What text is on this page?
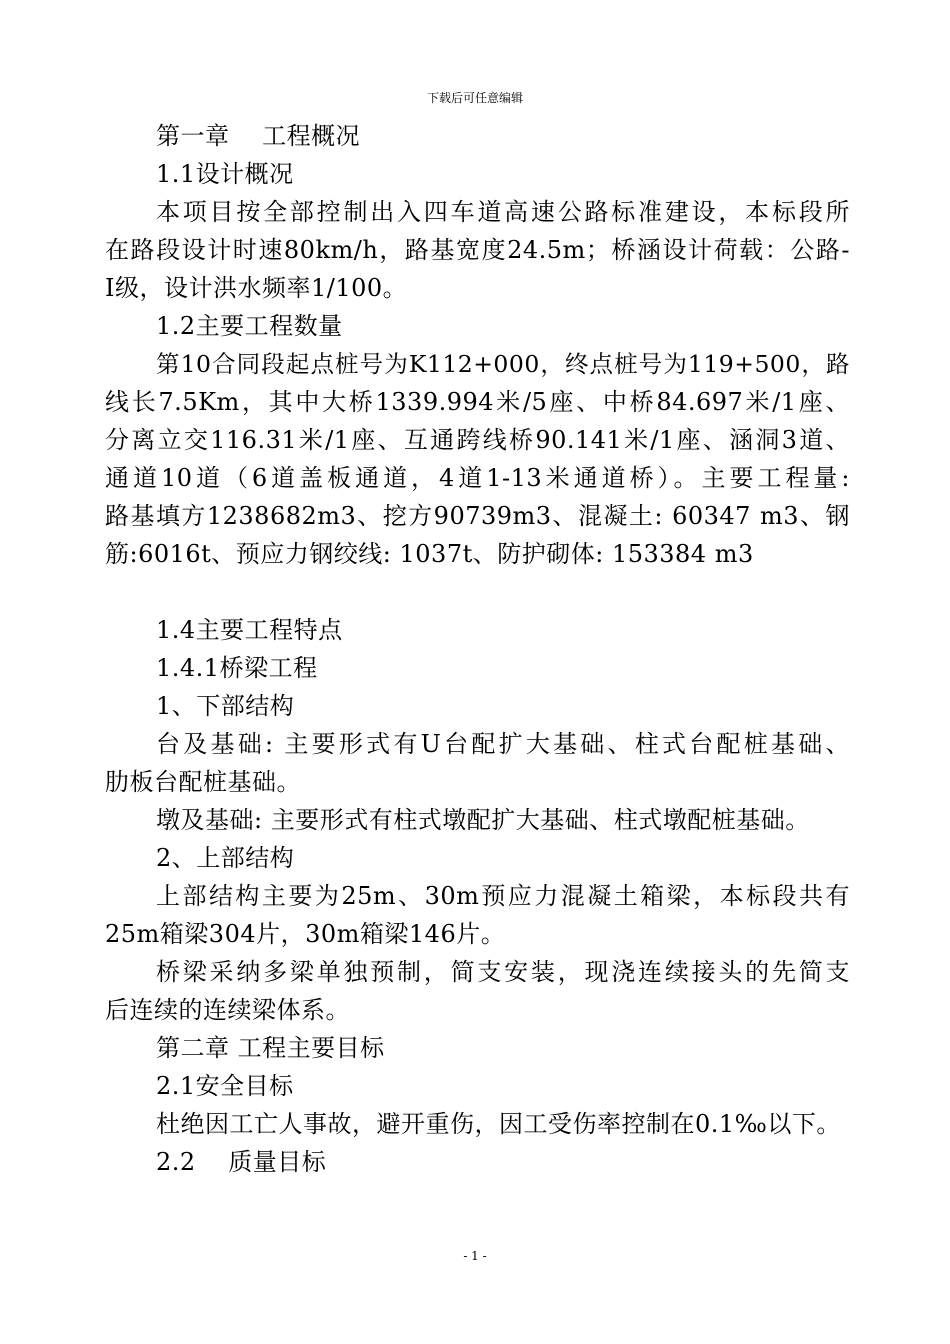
下载后可任意编辑
第一章　 工程概况
1.1设计概况
本项目按全部控制出入四车道高速公路标准建设，本标段所
在路段设计时速80km/h，路基宽度24.5m；桥涵设计荷载：公路-
Ⅰ级，设计洪水频率1/100。
1.2主要工程数量
第10合同段起点桩号为K112+000，终点桩号为119+500，路
线长7.5Km，其中大桥1339.994米/5座、中桥84.697米/1座、
分离立交116.31米/1座、互通跨线桥90.141米/1座、涵洞3道、
通道10道（6道盖板通道，4道1-13米通道桥）。主要工程量:
路基填方1238682m3、挖方90739m3、混凝土: 60347 m3、钢
筋:6016t、预应力钢绞线: 1037t、防护砌体: 153384 m3
1.4主要工程特点
1.4.1桥梁工程
1、下部结构
台及基础: 主要形式有U台配扩大基础、柱式台配桩基础、
肋板台配桩基础。
墩及基础: 主要形式有柱式墩配扩大基础、柱式墩配桩基础。
2、上部结构
上部结构主要为25m、30m预应力混凝土箱梁，本标段共有
25m箱梁304片，30m箱梁146片。
桥梁采纳多梁单独预制，简支安装，现浇连续接头的先简支
后连续的连续梁体系。
第二章 工程主要目标
2.1安全目标
杜绝因工亡人事故，避开重伤，因工受伤率控制在0.1‰以下。
2.2　 质量目标
- 1 -
